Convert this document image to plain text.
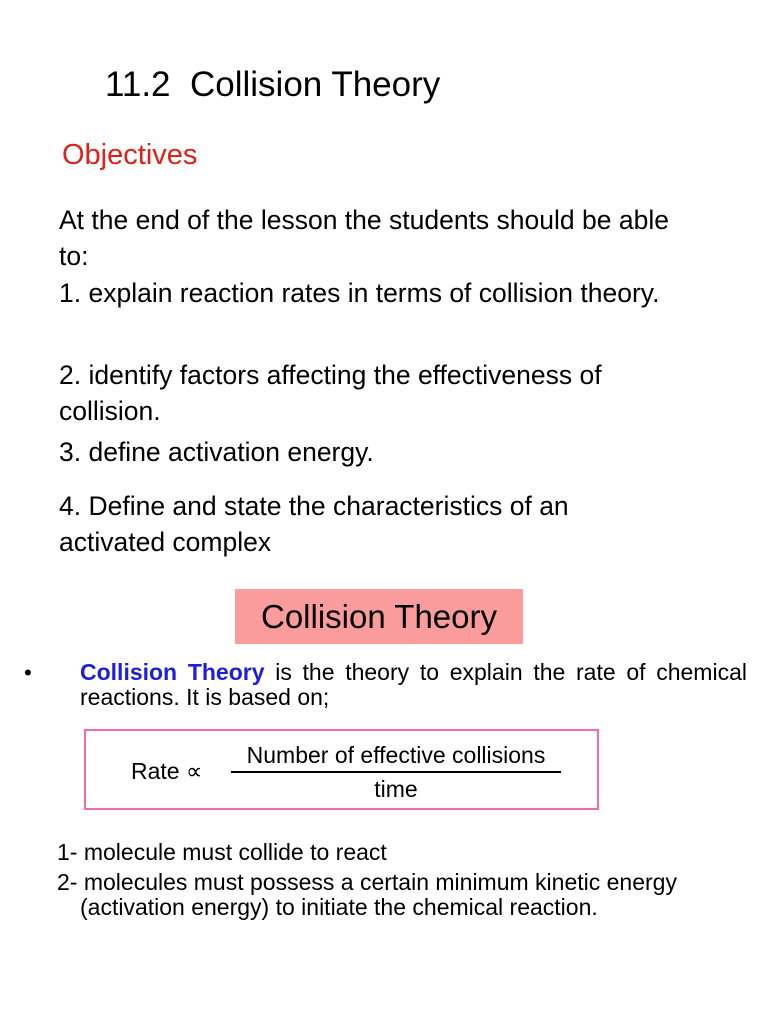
11.2  Collision Theory
Objectives

At the end of the lesson the students should be able to:

1. explain reaction rates in terms of collision theory.

2. identify factors affecting the effectiveness of collision.

3. define activation energy.

4. Define and state the characteristics of an activated complex

Collision Theory
• Collision Theory is the theory to explain the rate of chemical reactions. It is based on;

Rate ∝
Number of effective collisions
time

1- molecule must collide to react

2- molecules must possess a certain minimum kinetic energy (activation energy) to initiate the chemical reaction.
